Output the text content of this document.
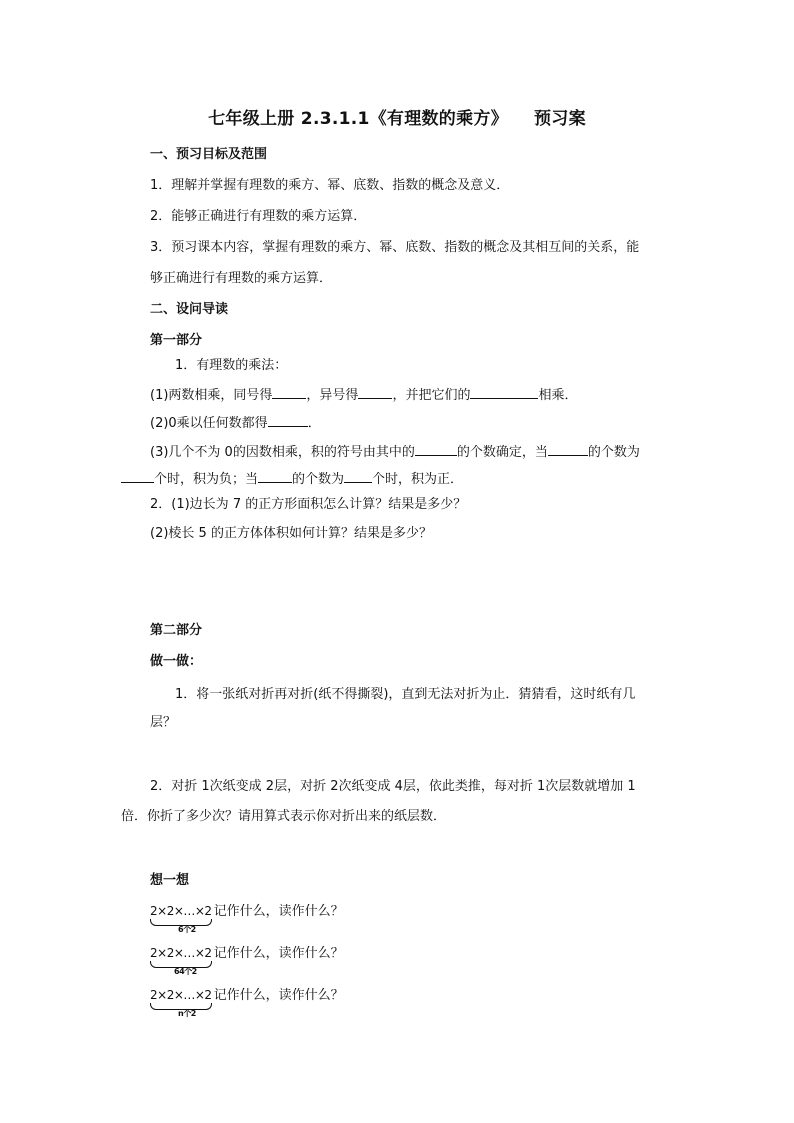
七年级上册 2.3.1.1《有理数的乘方》 预习案
一、预习目标及范围
1．理解并掌握有理数的乘方、幂、底数、指数的概念及意义．
2．能够正确进行有理数的乘方运算．
3．预习课本内容，掌握有理数的乘方、幂、底数、指数的概念及其相互间的关系，能
够正确进行有理数的乘方运算．
二、设问导读
第一部分
1．有理数的乘法：
(1)两数相乘，同号得	，异号得	，并把它们的	相乘．
(2)0乘以任何数都得	．
(3)几个不为 0的因数相乘，积的符号由其中的	的个数确定，当	的个数为
个时，积为负；当	的个数为 个时，积为正．
2．(1)边长为 7 的正方形面积怎么计算？结果是多少？
(2)棱长 5 的正方体体积如何计算？结果是多少？
第二部分
做一做：
1．将一张纸对折再对折(纸不得撕裂)，直到无法对折为止．猜猜看，这时纸有几
层？
2．对折 1次纸变成 2层，对折 2次纸变成 4层，依此类推，每对折 1次层数就增加 1
倍．你折了多少次？请用算式表示你对折出来的纸层数．
想一想
2×2×…×2
6个2
记作什么，读作什么？
2×2×…×2
64个2
记作什么，读作什么？
2×2×…×2
n个2
记作什么，读作什么？
